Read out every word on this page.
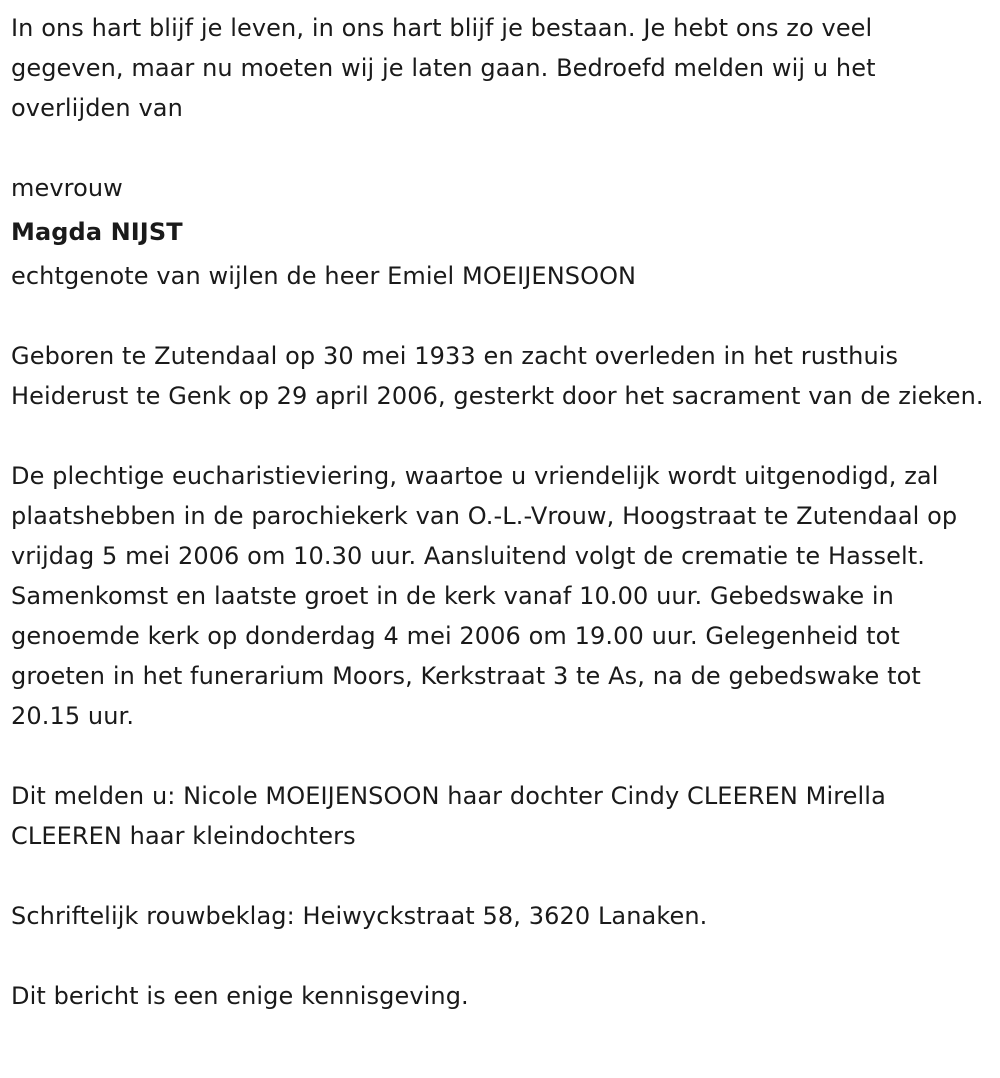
In ons hart blijf je leven, in ons hart blijf je bestaan. Je hebt ons zo veel gegeven, maar nu moeten wij je laten gaan. Bedroefd melden wij u het overlijden van

mevrouw

Magda NIJST

echtgenote van wijlen de heer Emiel MOEIJENSOON

Geboren te Zutendaal op 30 mei 1933 en zacht overleden in het rusthuis Heiderust te Genk op 29 april 2006, gesterkt door het sacrament van de zieken.

De plechtige eucharistieviering, waartoe u vriendelijk wordt uitgenodigd, zal plaatshebben in de parochiekerk van O.-L.-Vrouw, Hoogstraat te Zutendaal op vrijdag 5 mei 2006 om 10.30 uur. Aansluitend volgt de crematie te Hasselt. Samenkomst en laatste groet in de kerk vanaf 10.00 uur. Gebedswake in genoemde kerk op donderdag 4 mei 2006 om 19.00 uur. Gelegenheid tot groeten in het funerarium Moors, Kerkstraat 3 te As, na de gebedswake tot 20.15 uur.

Dit melden u: Nicole MOEIJENSOON haar dochter Cindy CLEEREN Mirella CLEEREN haar kleindochters

Schriftelijk rouwbeklag: Heiwyckstraat 58, 3620 Lanaken.

Dit bericht is een enige kennisgeving.
